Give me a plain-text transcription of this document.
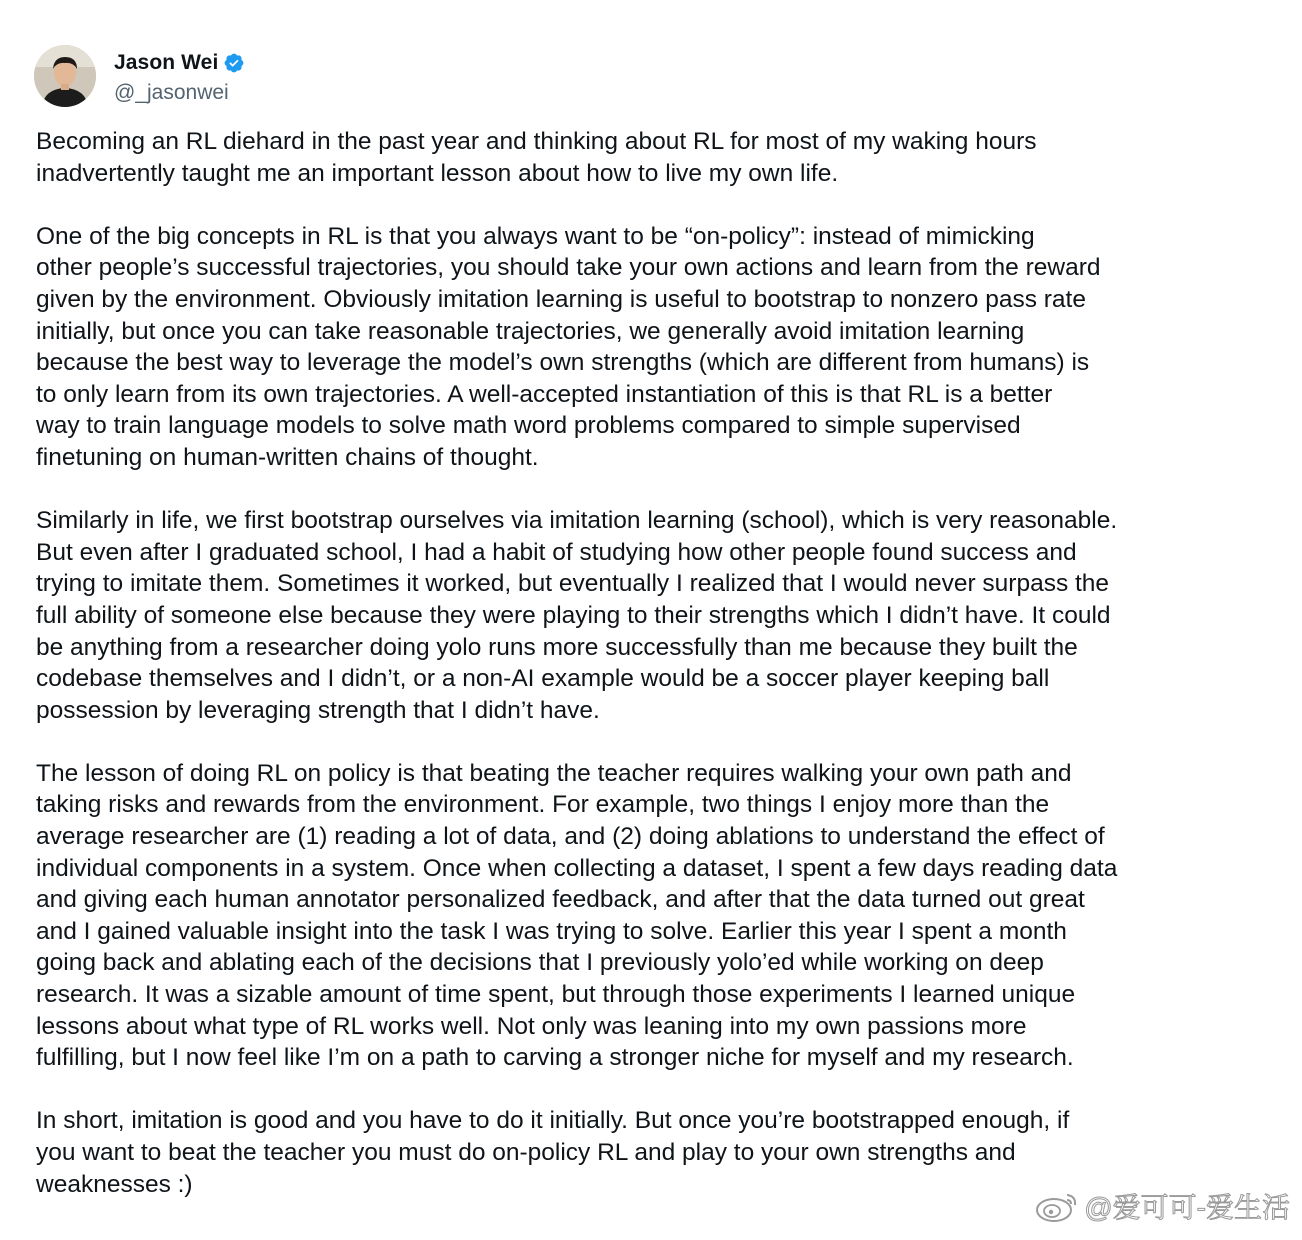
Jason Wei
@_jasonwei

Becoming an RL diehard in the past year and thinking about RL for most of my waking hours
inadvertently taught me an important lesson about how to live my own life.

One of the big concepts in RL is that you always want to be “on-policy”: instead of mimicking
other people’s successful trajectories, you should take your own actions and learn from the reward
given by the environment. Obviously imitation learning is useful to bootstrap to nonzero pass rate
initially, but once you can take reasonable trajectories, we generally avoid imitation learning
because the best way to leverage the model’s own strengths (which are different from humans) is
to only learn from its own trajectories. A well-accepted instantiation of this is that RL is a better
way to train language models to solve math word problems compared to simple supervised
finetuning on human-written chains of thought.

Similarly in life, we first bootstrap ourselves via imitation learning (school), which is very reasonable.
But even after I graduated school, I had a habit of studying how other people found success and
trying to imitate them. Sometimes it worked, but eventually I realized that I would never surpass the
full ability of someone else because they were playing to their strengths which I didn’t have. It could
be anything from a researcher doing yolo runs more successfully than me because they built the
codebase themselves and I didn’t, or a non-AI example would be a soccer player keeping ball
possession by leveraging strength that I didn’t have.

The lesson of doing RL on policy is that beating the teacher requires walking your own path and
taking risks and rewards from the environment. For example, two things I enjoy more than the
average researcher are (1) reading a lot of data, and (2) doing ablations to understand the effect of
individual components in a system. Once when collecting a dataset, I spent a few days reading data
and giving each human annotator personalized feedback, and after that the data turned out great
and I gained valuable insight into the task I was trying to solve. Earlier this year I spent a month
going back and ablating each of the decisions that I previously yolo’ed while working on deep
research. It was a sizable amount of time spent, but through those experiments I learned unique
lessons about what type of RL works well. Not only was leaning into my own passions more
fulfilling, but I now feel like I’m on a path to carving a stronger niche for myself and my research.

In short, imitation is good and you have to do it initially. But once you’re bootstrapped enough, if
you want to beat the teacher you must do on-policy RL and play to your own strengths and
weaknesses :)

@爱可可-爱生活
